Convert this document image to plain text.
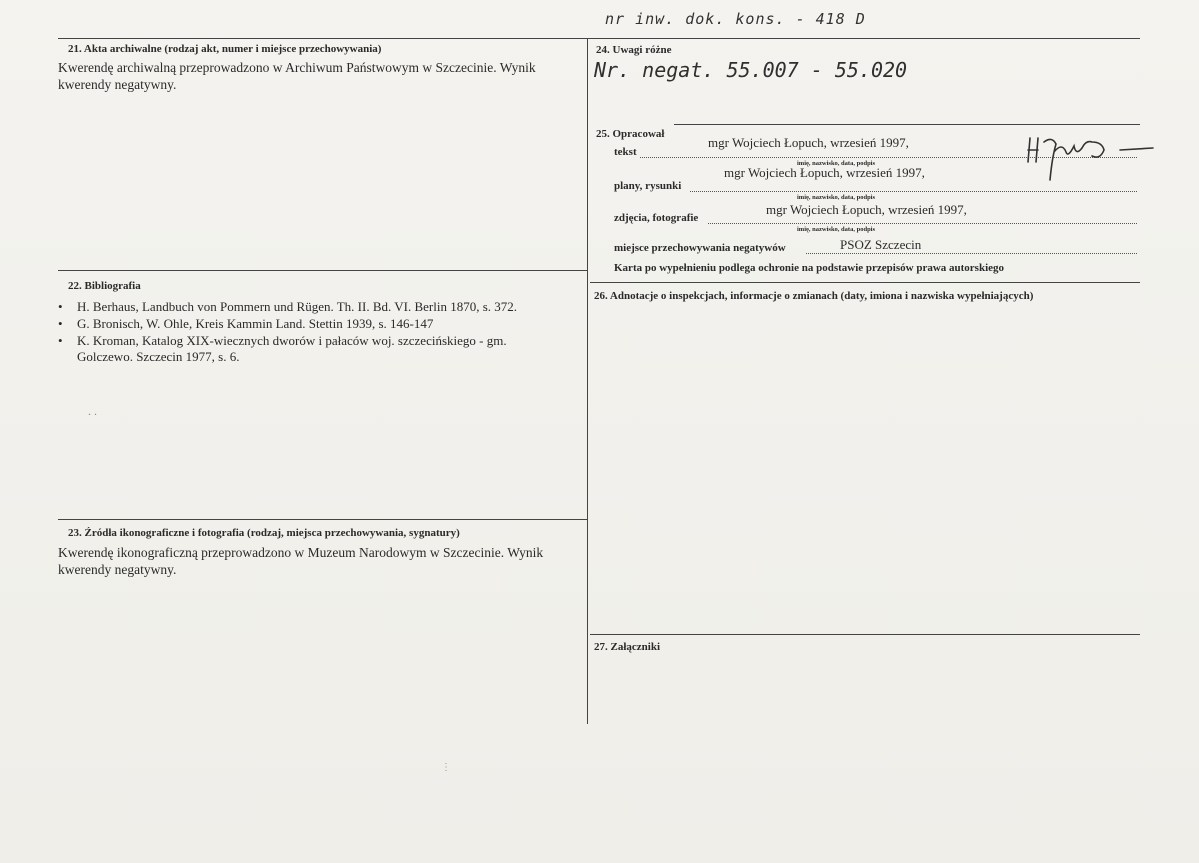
nr inw. dok. kons. - 418 D
21. Akta archiwalne (rodzaj akt, numer i miejsce przechowywania)
Kwerendę archiwalną przeprowadzono w Archiwum Państwowym w Szczecinie. Wynik
kwerendy negatywny.
22. Bibliografia
• H. Berhaus, Landbuch von Pommern und Rügen. Th. II. Bd. VI. Berlin 1870, s. 372.
• G. Bronisch, W. Ohle, Kreis Kammin Land. Stettin 1939, s. 146-147
• K. Kroman, Katalog XIX-wiecznych dworów i pałaców woj. szczecińskiego - gm.
Golczewo. Szczecin 1977, s. 6.
23. Źródła ikonograficzne i fotografia (rodzaj, miejsca przechowywania, sygnatury)
Kwerendę ikonograficzną przeprowadzono w Muzeum Narodowym w Szczecinie. Wynik
kwerendy negatywny.
24. Uwagi różne
Nr. negat. 55.007 - 55.020
25. Opracował
tekst
mgr Wojciech Łopuch, wrzesień 1997,
imię, nazwisko, data, podpis
mgr Wojciech Łopuch, wrzesień 1997,
plany, rysunki
imię, nazwisko, data, podpis
mgr Wojciech Łopuch, wrzesień 1997,
zdjęcia, fotografie
imię, nazwisko, data, podpis
PSOZ Szczecin
miejsce przechowywania negatywów
Karta po wypełnieniu podlega ochronie na podstawie przepisów prawa autorskiego
26. Adnotacje o inspekcjach, informacje o zmianach (daty, imiona i nazwiska wypełniających)
27. Załączniki
. .
⋮
